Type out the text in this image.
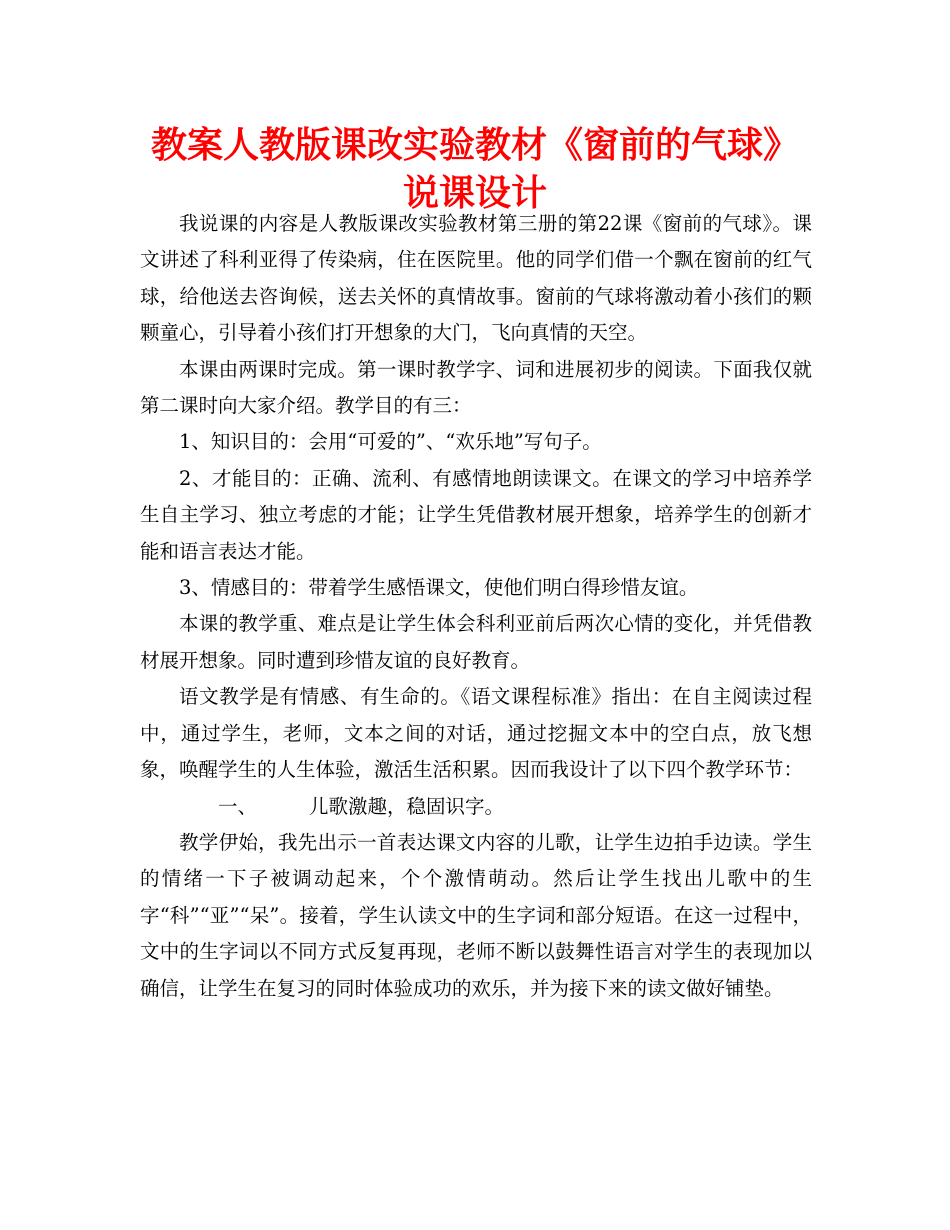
教案人教版课改实验教材《窗前的气球》说课设计

我说课的内容是人教版课改实验教材第三册的第22课《窗前的气球》。课文讲述了科利亚得了传染病，住在医院里。他的同学们借一个飘在窗前的红气球，给他送去咨询候，送去关怀的真情故事。窗前的气球将激动着小孩们的颗颗童心，引导着小孩们打开想象的大门，飞向真情的天空。

本课由两课时完成。第一课时教学字、词和进展初步的阅读。下面我仅就第二课时向大家介绍。教学目的有三：

1、知识目的：会用“可爱的”、“欢乐地”写句子。

2、才能目的：正确、流利、有感情地朗读课文。在课文的学习中培养学生自主学习、独立考虑的才能；让学生凭借教材展开想象，培养学生的创新才能和语言表达才能。

3、情感目的：带着学生感悟课文，使他们明白得珍惜友谊。

本课的教学重、难点是让学生体会科利亚前后两次心情的变化，并凭借教材展开想象。同时遭到珍惜友谊的良好教育。

语文教学是有情感、有生命的。《语文课程标准》指出：在自主阅读过程中，通过学生，老师，文本之间的对话，通过挖掘文本中的空白点，放飞想象，唤醒学生的人生体验，激活生活积累。因而我设计了以下四个教学环节：

一、	儿歌激趣，稳固识字。

教学伊始，我先出示一首表达课文内容的儿歌，让学生边拍手边读。学生的情绪一下子被调动起来，个个激情萌动。然后让学生找出儿歌中的生字“科”“亚”“呆”。接着，学生认读文中的生字词和部分短语。在这一过程中，文中的生字词以不同方式反复再现，老师不断以鼓舞性语言对学生的表现加以确信，让学生在复习的同时体验成功的欢乐，并为接下来的读文做好铺垫。
